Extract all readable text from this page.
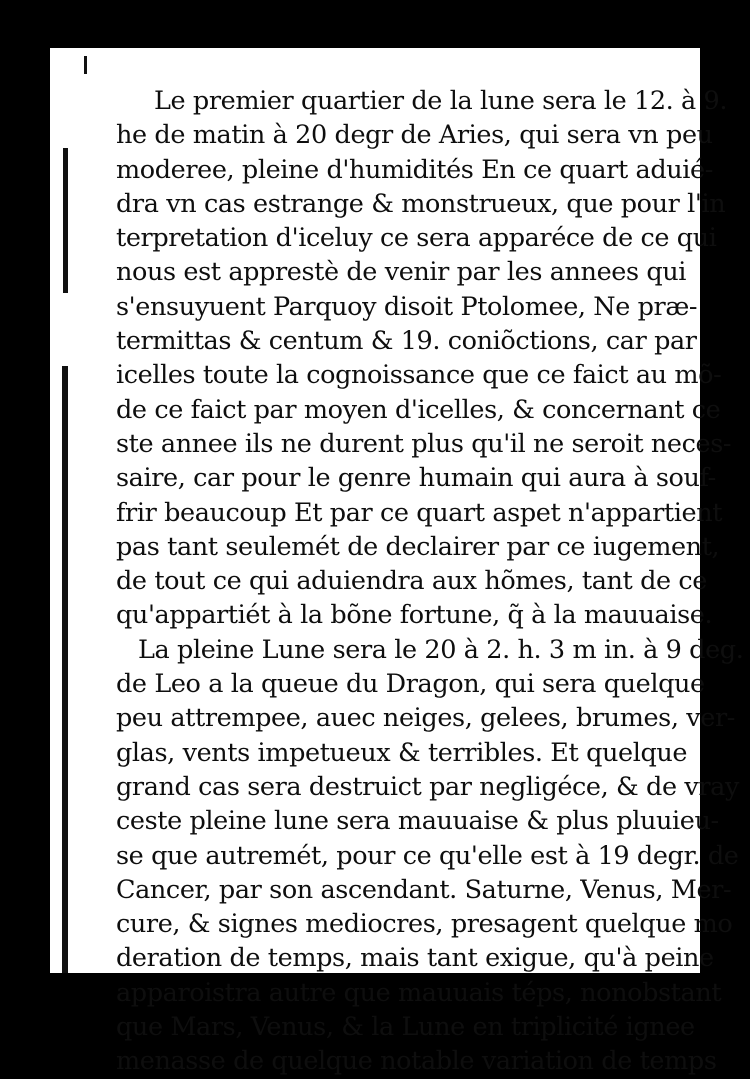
Le premier quartier de la lune sera le 12. à 9.
he de matin à 20 degr de Aries, qui sera vn peu
moderee, pleine d'humidités En ce quart aduié-
dra vn cas estrange & monstrueux, que pour l'in
terpretation d'iceluy ce sera apparéce de ce qui
nous est apprestè de venir par les annees qui
s'ensuyuent Parquoy disoit Ptolomee, Ne præ-
termittas & centum & 19. coniõctions, car par
icelles toute la cognoissance que ce faict au mõ-
de ce faict par moyen d'icelles, & concernant ce
ste annee ils ne durent plus qu'il ne seroit neces-
saire, car pour le genre humain qui aura à souf-
frir beaucoup Et par ce quart aspet n'appartient
pas tant seulemét de declairer par ce iugement,
de tout ce qui aduiendra aux hõmes, tant de ce
qu'appartiét à la bõne fortune, q̃ à la mauuaise.
La pleine Lune sera le 20 à 2. h. 3 m in. à 9 deg.
de Leo a la queue du Dragon, qui sera quelque
peu attrempee, auec neiges, gelees, brumes, ver-
glas, vents impetueux & terribles. Et quelque
grand cas sera destruict par negligéce, & de vray
ceste pleine lune sera mauuaise & plus pluuieu-
se que autremét, pour ce qu'elle est à 19 degr. de
Cancer, par son ascendant. Saturne, Venus, Mer-
cure, & signes mediocres, presagent quelque mo
deration de temps, mais tant exigue, qu'à peine
apparoistra autre que mauuais téps, nonobstant
que Mars, Venus, & la Lune en triplicité ignee
menasse de quelque notable variation de temps
